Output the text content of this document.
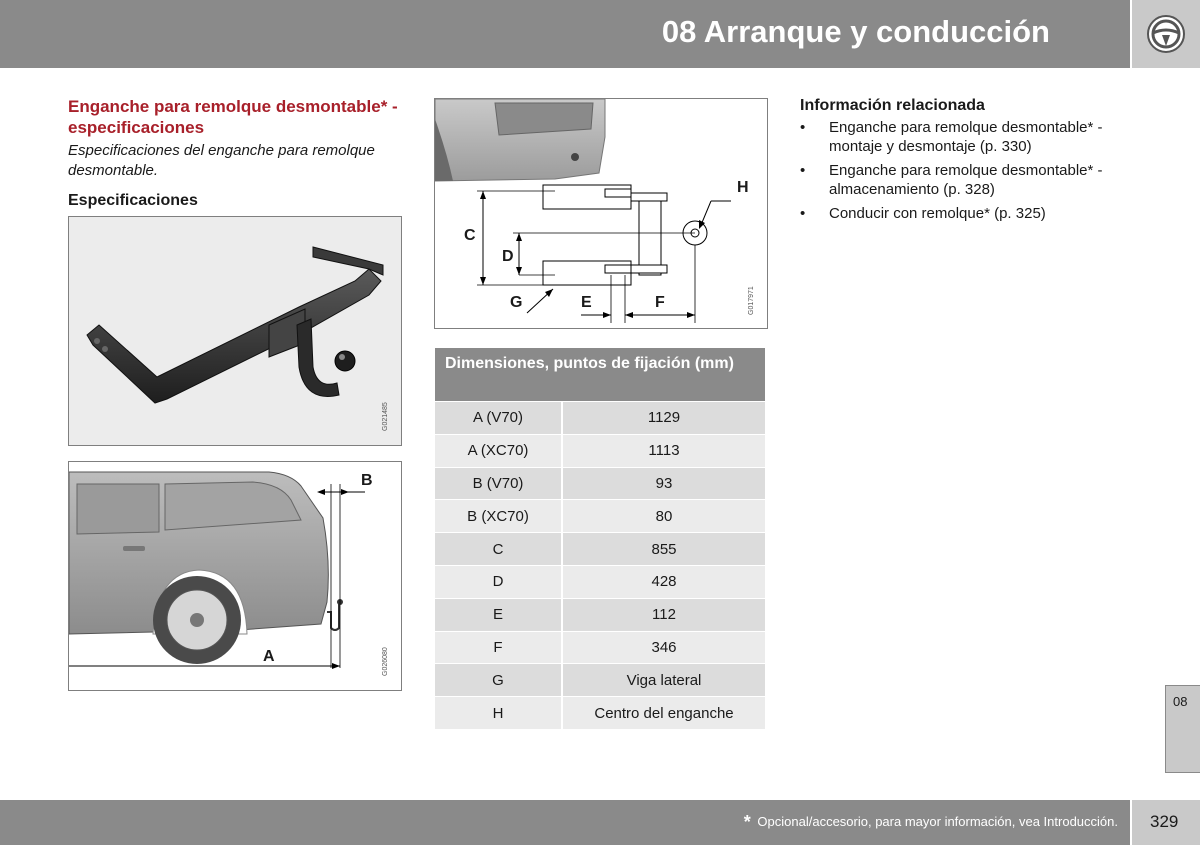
08 Arranque y conducción
Enganche para remolque desmontable* - especificaciones
Especificaciones del enganche para remolque desmontable.
Especificaciones
G021485
B
A	G026080
C
D
G	E	F
H
G017971
Dimensiones, puntos de fijación (mm)
A (V70)	1129
A (XC70)	1113
B (V70)	93
B (XC70)	80
C	855
D	428
E	112
F	346
G	Viga lateral
H	Centro del enganche
Información relacionada
• Enganche para remolque desmontable* - montaje y desmontaje (p. 330)
• Enganche para remolque desmontable* - almacenamiento (p. 328)
• Conducir con remolque* (p. 325)
08
* Opcional/accesorio, para mayor información, vea Introducción. 329
